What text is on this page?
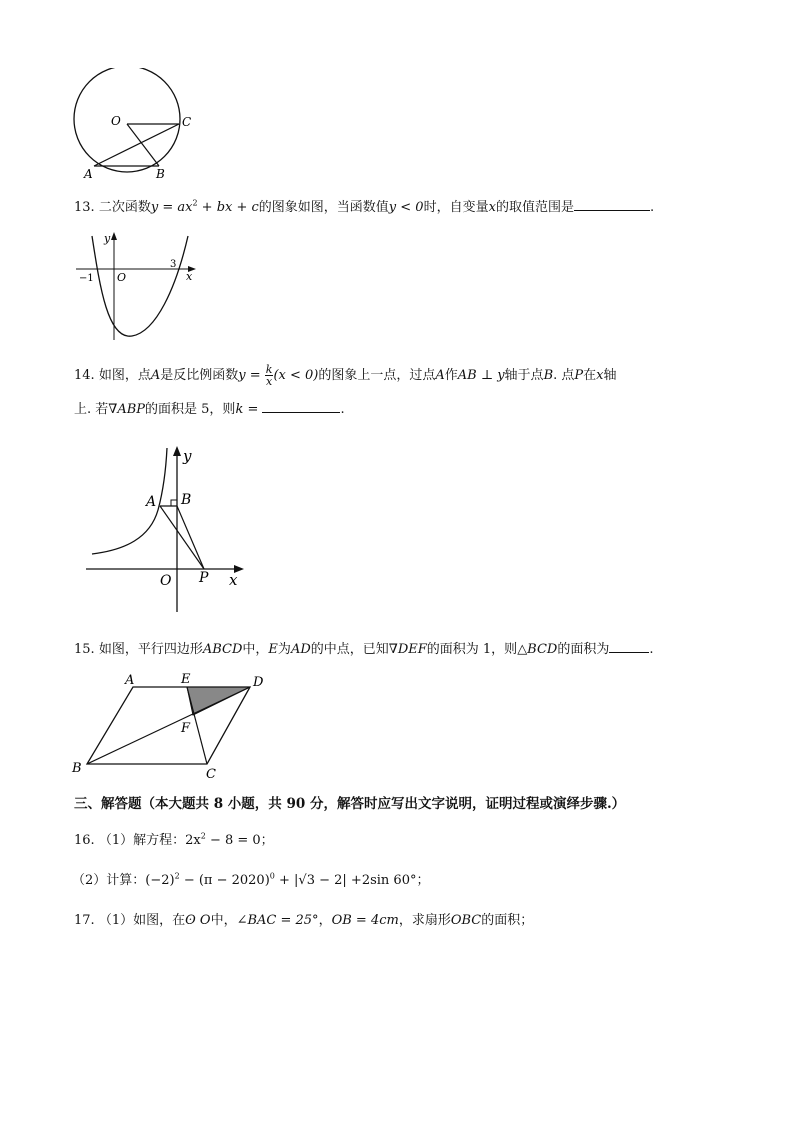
O	C
A	B
13. 二次函数$y = ax^2$ + bx + c的图象如图，当函数值y < 0时，自变量x的取值范围是	.
y
x
O
−1
3
14. 如图，点A是反比例函数$y = \frac{k}{x} (x < 0)$的图象上一点，过点A作AB ⊥ y轴于点B. 点P在x轴
上. 若∇ABP的面积是 5，则k =	.
y
A B
O P x
15. 如图，平行四边形ABCD中，E为AD的中点，已知∇DEF的面积为 1，则△BCD的面积为	.
A	E	D
F
B	C
三、解答题（本大题共 8 小题，共 90 分，解答时应写出文字说明，证明过程或演绎步骤.）
16. （1）解方程：$2x^2 - 8 = 0$；
（2）计算：$(-2)^2 - (\pi - 2020)^0 + |√3 - 2| +2\sin$ 60°；
17. （1）如图，在ʘ O中，∠BAC = 25°，OB = 4cm，求扇形OBC的面积；
